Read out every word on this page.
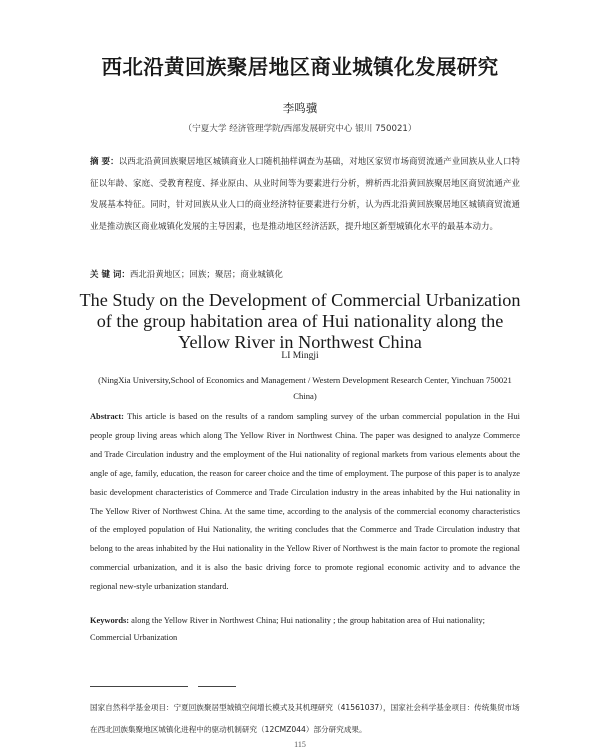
西北沿黄回族聚居地区商业城镇化发展研究
李鸣骥
（宁夏大学 经济管理学院/西部发展研究中心 银川 750021）

摘 要：以西北沿黄回族聚居地区城镇商业人口随机抽样调查为基础，对地区家贸市场商贸流通产业回族从业人口特征以年龄、家庭、受教育程度、择业原由、从业时间等为要素进行分析，辨析西北沿黄回族聚居地区商贸流通产业发展基本特征。同时，针对回族从业人口的商业经济特征要素进行分析，认为西北沿黄回族聚居地区城镇商贸流通业是推动族区商业城镇化发展的主导因素，也是推动地区经济活跃，提升地区新型城镇化水平的最基本动力。

关 键 词：西北沿黄地区；回族；聚居；商业城镇化

The Study on the Development of Commercial Urbanization of the group habitation area of Hui nationality along the Yellow River in Northwest China
LI Mingji

(NingXia University,School of Economics and Management / Western Development Research Center, Yinchuan 750021 China)

Abstract: This article is based on the results of a random sampling survey of the urban commercial population in the Hui people group living areas which along The Yellow River in Northwest China. The paper was designed to analyze Commerce and Trade Circulation industry and the employment of the Hui nationality of regional markets from various elements about the angle of age, family, education, the reason for career choice and the time of employment. The purpose of this paper is to analyze basic development characteristics of Commerce and Trade Circulation industry in the areas inhabited by the Hui nationality in The Yellow River of Northwest China. At the same time, according to the analysis of the commercial economy characteristics of the employed population of Hui Nationality, the writing concludes that the Commerce and Trade Circulation industry that belong to the areas inhabited by the Hui nationality in the Yellow River of Northwest is the main factor to promote the regional commercial urbanization, and it is also the basic driving force to promote regional economic activity and to advance the regional new-style urbanization standard.

Keywords: along the Yellow River in Northwest China; Hui nationality ; the group habitation area of Hui nationality; Commercial Urbanization

国家自然科学基金项目：宁夏回族聚居型城镇空间增长模式及其机理研究（41561037），国家社会科学基金项目：传统集贸市场在西北回族集聚地区城镇化进程中的驱动机制研究（12CMZ044）部分研究成果。

115
